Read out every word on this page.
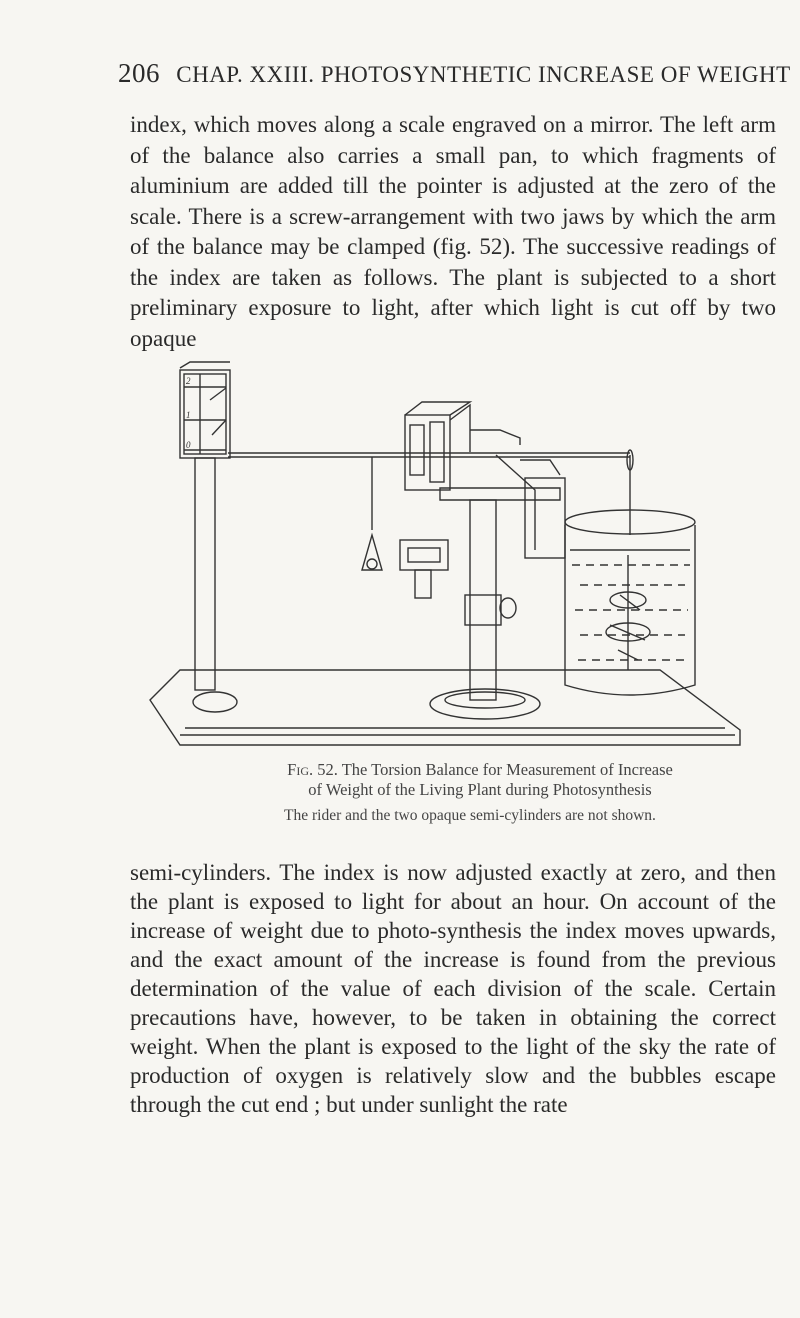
206 CHAP. XXIII. PHOTOSYNTHETIC INCREASE OF WEIGHT

index, which moves along a scale engraved on a mirror. The left arm of the balance also carries a small pan, to which fragments of aluminium are added till the pointer is adjusted at the zero of the scale. There is a screw-arrangement with two jaws by which the arm of the balance may be clamped (fig. 52). The successive readings of the index are taken as follows. The plant is subjected to a short preliminary exposure to light, after which light is cut off by two opaque

2
1
0
Fig. 52. The Torsion Balance for Measurement of Increase
of Weight of the Living Plant during Photosynthesis
The rider and the two opaque semi-cylinders are not shown.

semi-cylinders. The index is now adjusted exactly at zero, and then the plant is exposed to light for about an hour. On account of the increase of weight due to photo-synthesis the index moves upwards, and the exact amount of the increase is found from the previous determination of the value of each division of the scale. Certain precautions have, however, to be taken in obtaining the correct weight. When the plant is exposed to the light of the sky the rate of production of oxygen is relatively slow and the bubbles escape through the cut end ; but under sunlight the rate
